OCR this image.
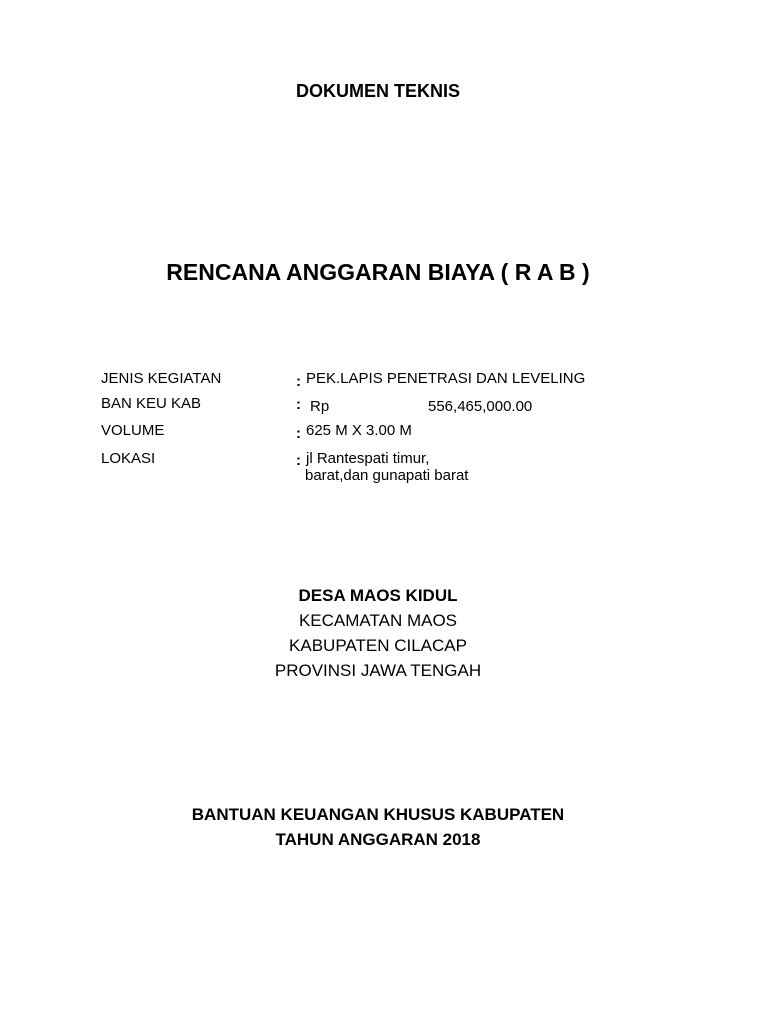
DOKUMEN TEKNIS
RENCANA ANGGARAN BIAYA ( R A B )
JENIS KEGIATAN	: PEK.LAPIS PENETRASI DAN LEVELING
BAN KEU KAB	: Rp	556,465,000.00
VOLUME	: 625 M X 3.00 M
LOKASI	: jl Rantespati timur,
barat,dan gunapati barat
DESA MAOS KIDUL
KECAMATAN MAOS
KABUPATEN CILACAP
PROVINSI JAWA TENGAH
BANTUAN KEUANGAN KHUSUS KABUPATEN
TAHUN ANGGARAN 2018
